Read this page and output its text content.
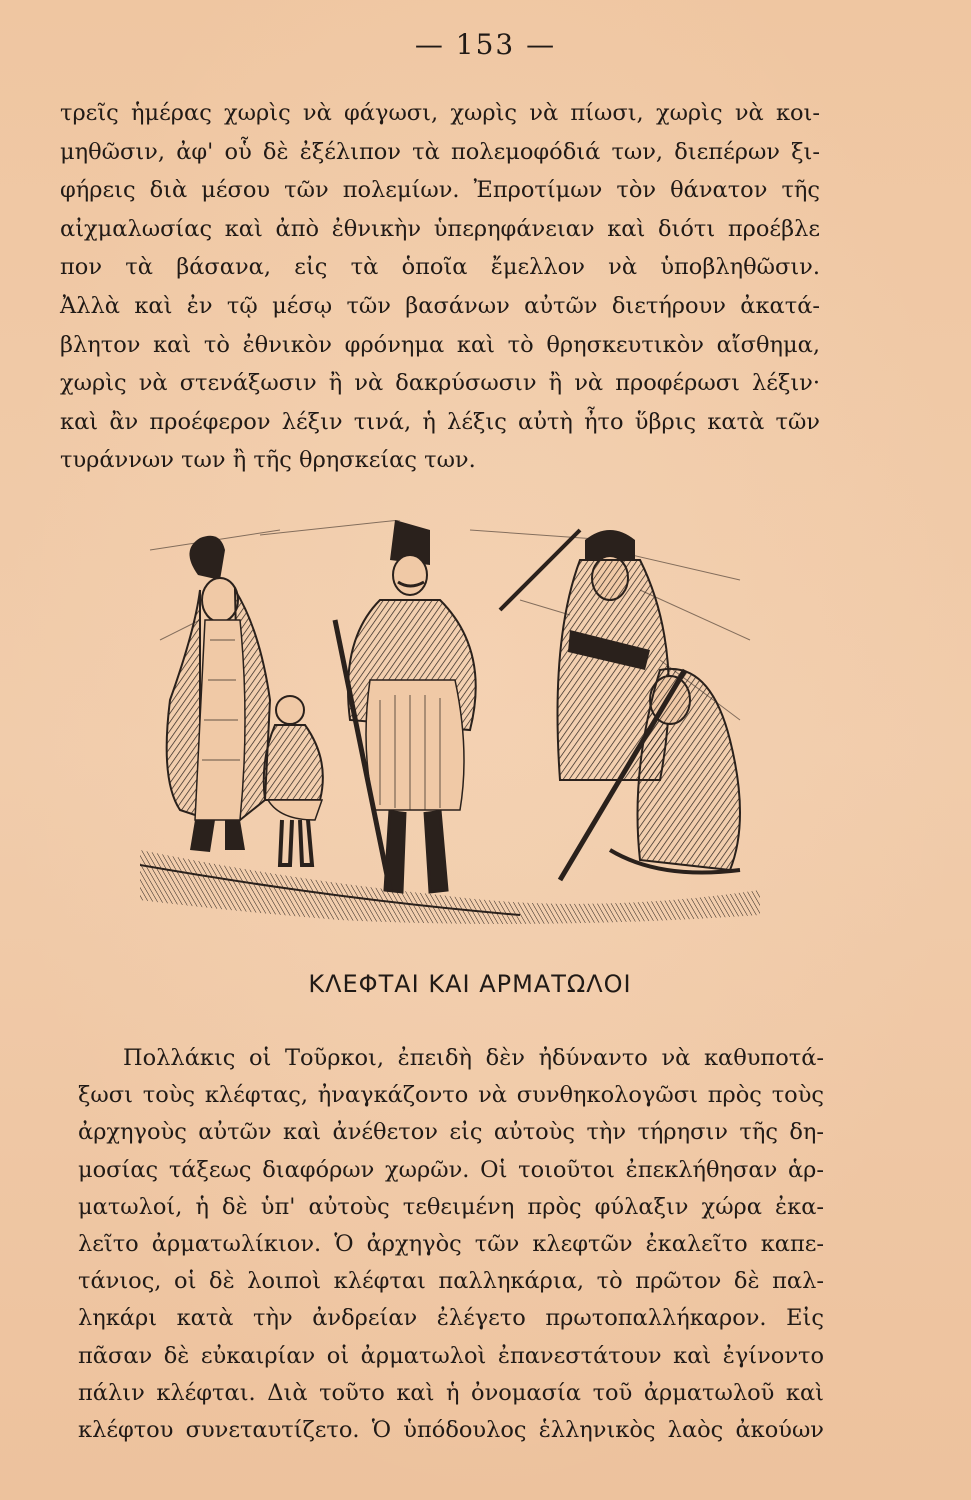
— 153 —
τρεῖς ἡμέρας χωρὶς νὰ φάγωσι, χωρὶς νὰ πίωσι, χωρὶς νὰ κοι-
μηθῶσιν, ἀφ' οὗ δὲ ἐξέλιπον τὰ πολεμοφόδιά των, διεπέρων ξι-
φήρεις διὰ μέσου τῶν πολεμίων. Ἐπροτίμων τὸν θάνατον τῆς
αἰχμαλωσίας καὶ ἀπὸ ἐθνικὴν ὑπερηφάνειαν καὶ διότι προέβλε
πον τὰ βάσανα, εἰς τὰ ὁποῖα ἔμελλον νὰ ὑποβληθῶσιν.
Ἀλλὰ καὶ ἐν τῷ μέσῳ τῶν βασάνων αὐτῶν διετήρουν ἀκατά-
βλητον καὶ τὸ ἐθνικὸν φρόνημα καὶ τὸ θρησκευτικὸν αἴσθημα,
χωρὶς νὰ στενάξωσιν ἢ νὰ δακρύσωσιν ἢ νὰ προφέρωσι λέξιν·
καὶ ἂν προέφερον λέξιν τινά, ἡ λέξις αὐτὴ ἦτο ὕβρις κατὰ τῶν
τυράννων των ἢ τῆς θρησκείας των.
ΚΛΕΦΤΑΙ ΚΑΙ ΑΡΜΑΤΩΛΟΙ
Πολλάκις οἱ Τοῦρκοι, ἐπειδὴ δὲν ἠδύναντο νὰ καθυποτά-
ξωσι τοὺς κλέφτας, ἠναγκάζοντο νὰ συνθηκολογῶσι πρὸς τοὺς
ἀρχηγοὺς αὐτῶν καὶ ἀνέθετον εἰς αὐτοὺς τὴν τήρησιν τῆς δη-
μοσίας τάξεως διαφόρων χωρῶν. Οἱ τοιοῦτοι ἐπεκλήθησαν ἁρ-
ματωλοί, ἡ δὲ ὑπ' αὐτοὺς τεθειμένη πρὸς φύλαξιν χώρα ἐκα-
λεῖτο ἀρματωλίκιον. Ὁ ἀρχηγὸς τῶν κλεφτῶν ἐκαλεῖτο καπε-
τάνιος, οἱ δὲ λοιποὶ κλέφται παλληκάρια, τὸ πρῶτον δὲ παλ-
ληκάρι κατὰ τὴν ἀνδρείαν ἐλέγετο πρωτοπαλλήκαρον. Εἰς
πᾶσαν δὲ εὐκαιρίαν οἱ ἀρματωλοὶ ἐπανεστάτουν καὶ ἐγίνοντο
πάλιν κλέφται. Διὰ τοῦτο καὶ ἡ ὀνομασία τοῦ ἀρματωλοῦ καὶ
κλέφτου συνεταυτίζετο. Ὁ ὑπόδουλος ἑλληνικὸς λαὸς ἀκούων
